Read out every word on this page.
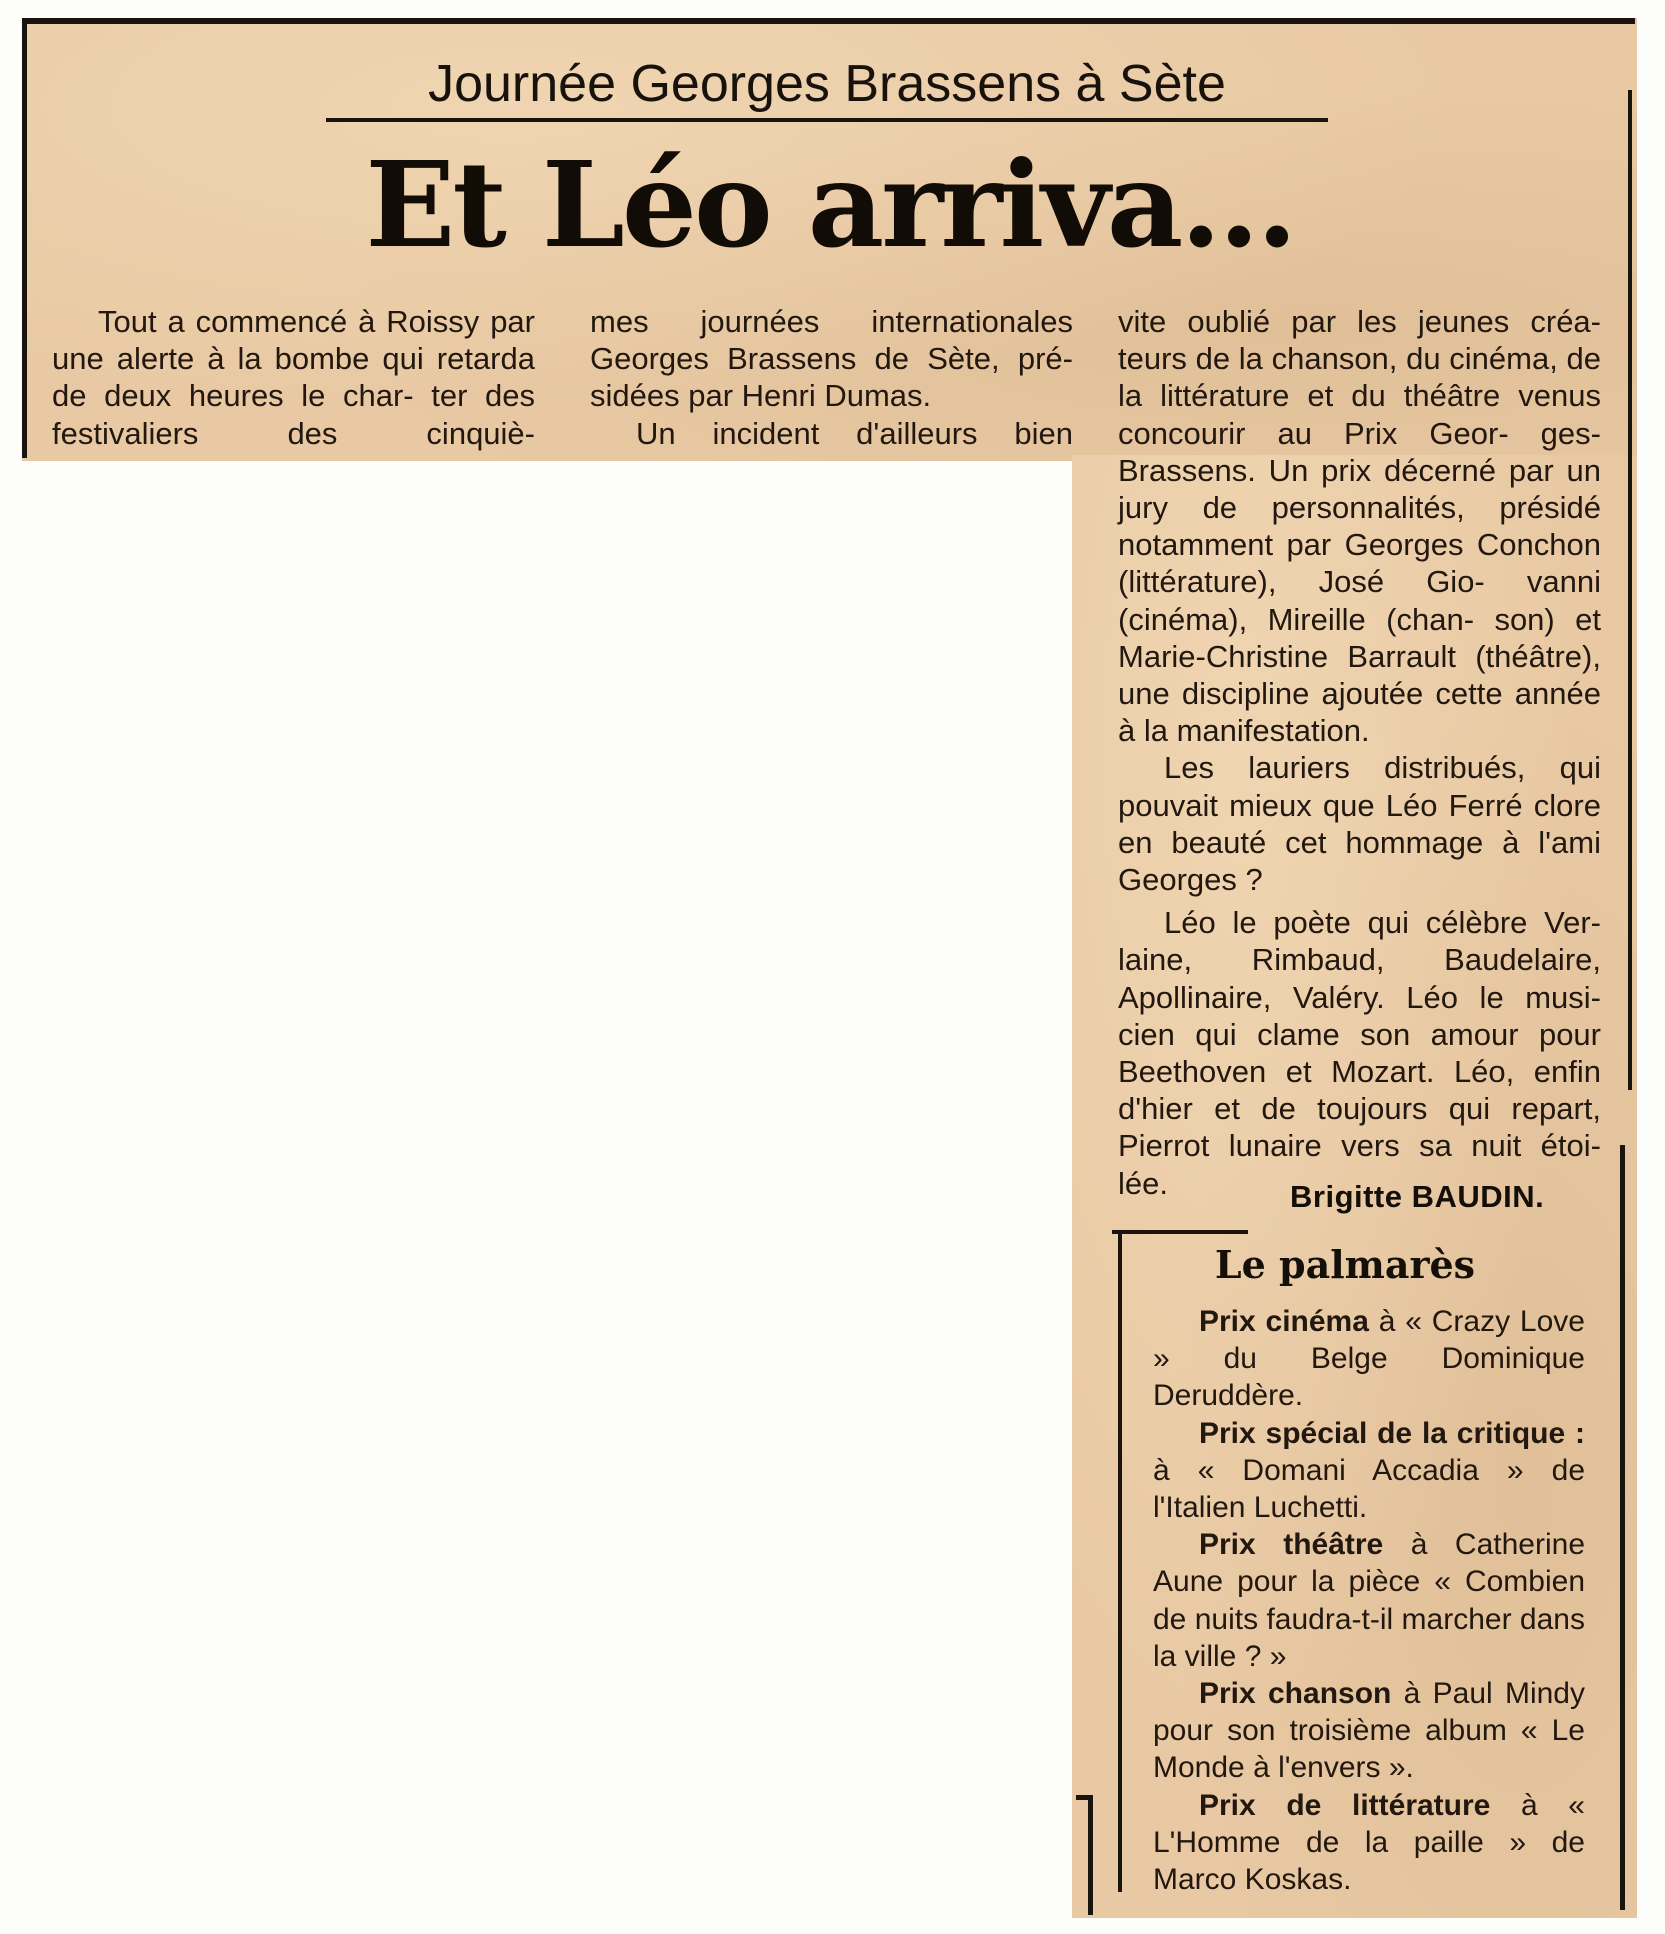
Journée Georges Brassens à Sète
Et Léo arriva...
Tout a commencé à Roissy par une alerte à la bombe qui retarda de deux heures le char- ter des festivaliers des cinquiè-
mes journées internationales Georges Brassens de Sète, pré- sidées par Henri Dumas.
Un incident d'ailleurs bien
vite oublié par les jeunes créa- teurs de la chanson, du cinéma, de la littérature et du théâtre venus concourir au Prix Geor- ges-Brassens. Un prix décerné par un jury de personnalités, présidé notamment par Georges Conchon (littérature), José Gio- vanni (cinéma), Mireille (chan- son) et Marie-Christine Barrault (théâtre), une discipline ajoutée cette année à la manifestation.
Les lauriers distribués, qui pouvait mieux que Léo Ferré clore en beauté cet hommage à l'ami Georges ?
Léo le poète qui célèbre Ver- laine, Rimbaud, Baudelaire, Apollinaire, Valéry. Léo le musi- cien qui clame son amour pour Beethoven et Mozart. Léo, enfin d'hier et de toujours qui repart, Pierrot lunaire vers sa nuit étoi- lée.	Brigitte BAUDIN.
Le palmarès
Prix cinéma à « Crazy Love » du Belge Dominique Deruddère.
Prix spécial de la critique : à « Domani Accadia » de l'Italien Luchetti.
Prix théâtre à Catherine Aune pour la pièce « Combien de nuits faudra-t-il marcher dans la ville ? »
Prix chanson à Paul Mindy pour son troisième album « Le Monde à l'envers ».
Prix de littérature à « L'Homme de la paille » de Marco Koskas.
